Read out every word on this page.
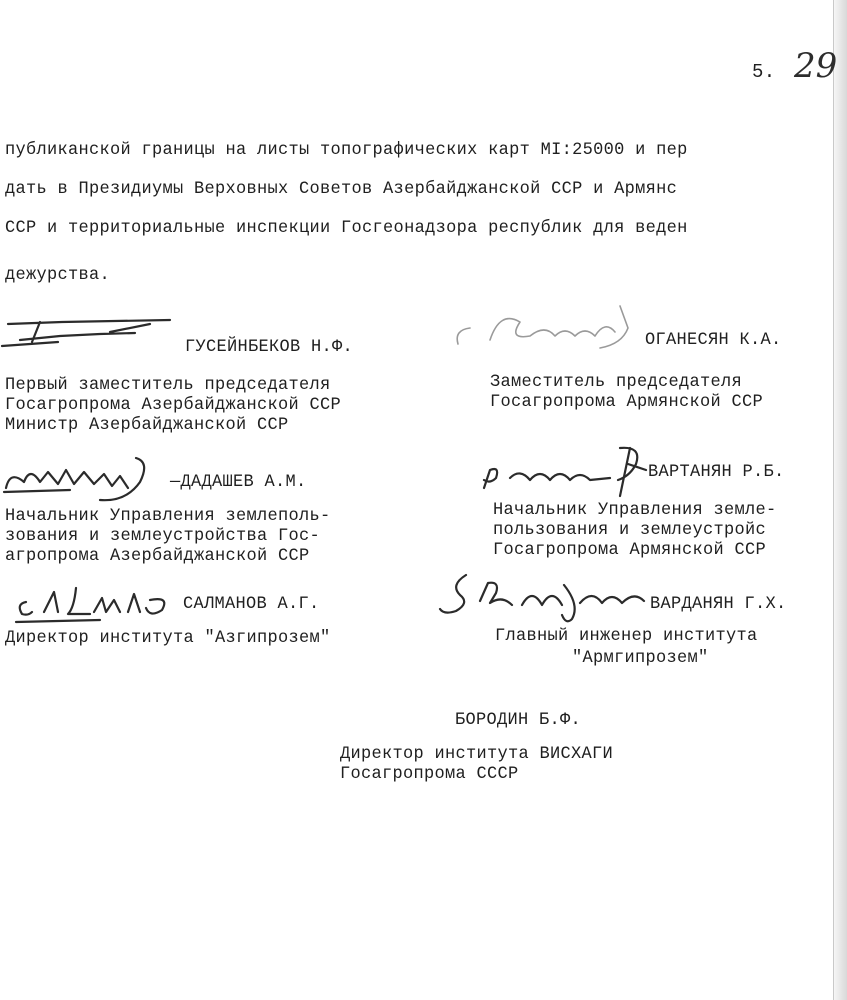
5. 29
публиканской границы на листы топографических карт МI:25000 и пер
дать в Президиумы Верховных Советов Азербайджанской ССР и Армянс
ССР и территориальные инспекции Госгеонадзора республик для веден
дежурства.
ГУСЕЙНБЕКОВ Н.Ф.
Первый заместитель председателя
Госагропрома Азербайджанской ССР
Министр Азербайджанской ССР
ОГАНЕСЯН К.А.
Заместитель председателя
Госагропрома Армянской ССР
—ДАДАШЕВ А.М.
Начальник Управления землеполь-
зования и землеустройства Гос-
агропрома Азербайджанской ССР
ВАРТАНЯН Р.Б.
Начальник Управления земле-
пользования и землеустройс
Госагропрома Армянской ССР
САЛМАНОВ А.Г.
Директор института "Азгипрозем"
ВАРДАНЯН Г.Х.
Главный инженер института
"Армгипрозем"
БОРОДИН Б.Ф.
Директор института ВИСХАГИ
Госагропрома СССР
